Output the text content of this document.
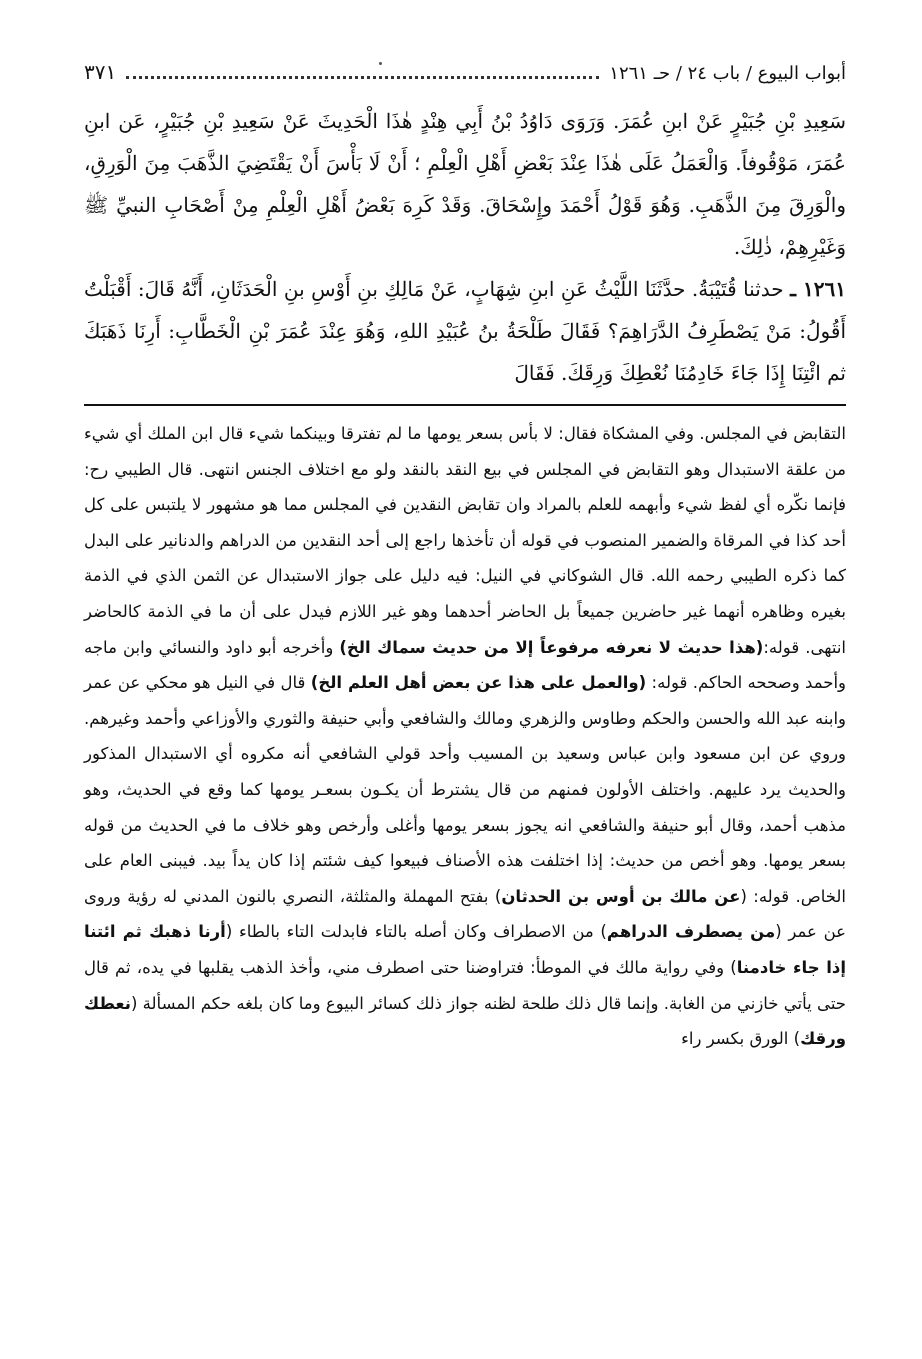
أبواب البيوع / باب ٢٤ / حـ ١٢٦١
٣٧١

سَعِيدِ بْنِ جُبَيْرٍ عَنْ ابنِ عُمَرَ. وَرَوَى دَاوُدُ بْنُ أَبِي هِنْدٍ هٰذَا الْحَدِيثَ عَنْ سَعِيدِ بْنِ جُبَيْرٍ، عَن ابنِ عُمَرَ، مَوْقُوفاً. وَالْعَمَلُ عَلَى هٰذَا عِنْدَ بَعْضِ أَهْلِ الْعِلْمِ ؛ أَنْ لَا بَأْسَ أَنْ يَقْتَضِيَ الذَّهَبَ مِنَ الْوَرِقِ، والْوَرِقَ مِنَ الذَّهَبِ. وَهُوَ قَوْلُ أَحْمَدَ وإِسْحَاقَ. وَقَدْ كَرِهَ بَعْضُ أَهْلِ الْعِلْمِ مِنْ أَصْحَابِ النبيِّ ﷺ وَغَيْرِهِمْ، ذٰلِكَ.

١٢٦١ ـ حدثنا قُتَيْبَةُ. حدَّثَنَا اللَّيْثُ عَنِ ابنِ شِهَابٍ، عَنْ مَالِكِ بنِ أَوْسِ بنِ الْحَدَثَانِ، أَنَّهُ قَالَ: أَقْبَلْتُ أَقُولُ: مَنْ يَصْطَرِفُ الدَّرَاهِمَ؟ فَقَالَ طَلْحَةُ بنُ عُبَيْدِ اللهِ، وَهُوَ عِنْدَ عُمَرَ بْنِ الْخَطَّابِ: أَرِنَا ذَهَبَكَ ثم ائْتِنَا إِذَا جَاءَ خَادِمُنَا نُعْطِكَ وَرِقَكَ. فَقَالَ

التقابض في المجلس. وفي المشكاة فقال: لا بأس بسعر يومها ما لم تفترقا وبينكما شيء قال ابن الملك أي شيء من علقة الاستبدال وهو التقابض في المجلس في بيع النقد بالنقد ولو مع اختلاف الجنس انتهى. قال الطيبي رح: فإنما نكّره أي لفظ شيء وأبهمه للعلم بالمراد وان تقابض النقدين في المجلس مما هو مشهور لا يلتبس على كل أحد كذا في المرقاة والضمير المنصوب في قوله أن تأخذها راجع إلى أحد النقدين من الدراهم والدنانير على البدل كما ذكره الطيبي رحمه الله. قال الشوكاني في النيل: فيه دليل على جواز الاستبدال عن الثمن الذي في الذمة بغيره وظاهره أنهما غير حاضرين جميعاً بل الحاضر أحدهما وهو غير اللازم فيدل على أن ما في الذمة كالحاضر انتهى. قوله:(هذا حديث لا نعرفه مرفوعاً إلا من حديث سماك الخ) وأخرجه أبو داود والنسائي وابن ماجه وأحمد وصححه الحاكم. قوله: (والعمل على هذا عن بعض أهل العلم الخ) قال في النيل هو محكي عن عمر وابنه عبد الله والحسن والحكم وطاوس والزهري ومالك والشافعي وأبي حنيفة والثوري والأوزاعي وأحمد وغيرهم. وروي عن ابن مسعود وابن عباس وسعيد بن المسيب وأحد قولي الشافعي أنه مكروه أي الاستبدال المذكور والحديث يرد عليهم. واختلف الأولون فمنهم من قال يشترط أن يكـون بسعـر يومها كما وقع في الحديث، وهو مذهب أحمد، وقال أبو حنيفة والشافعي انه يجوز بسعر يومها وأغلى وأرخص وهو خلاف ما في الحديث من قوله بسعر يومها. وهو أخص من حديث: إذا اختلفت هذه الأصناف فبيعوا كيف شئتم إذا كان يداً بيد. فيبنى العام على الخاص. قوله: (عن مالك بن أوس بن الحدثان) بفتح المهملة والمثلثة، النصري بالنون المدني له رؤية وروى عن عمر (من يصطرف الدراهم) من الاصطراف وكان أصله بالتاء فابدلت التاء بالطاء (أرنا ذهبك ثم ائتنا إذا جاء خادمنا) وفي رواية مالك في الموطأ: فتراوضنا حتى اصطرف مني، وأخذ الذهب يقلبها في يده، ثم قال حتى يأتي خازني من الغابة. وإنما قال ذلك طلحة لظنه جواز ذلك كسائر البيوع وما كان بلغه حكم المسألة (نعطك ورقك) الورق بكسر راء
